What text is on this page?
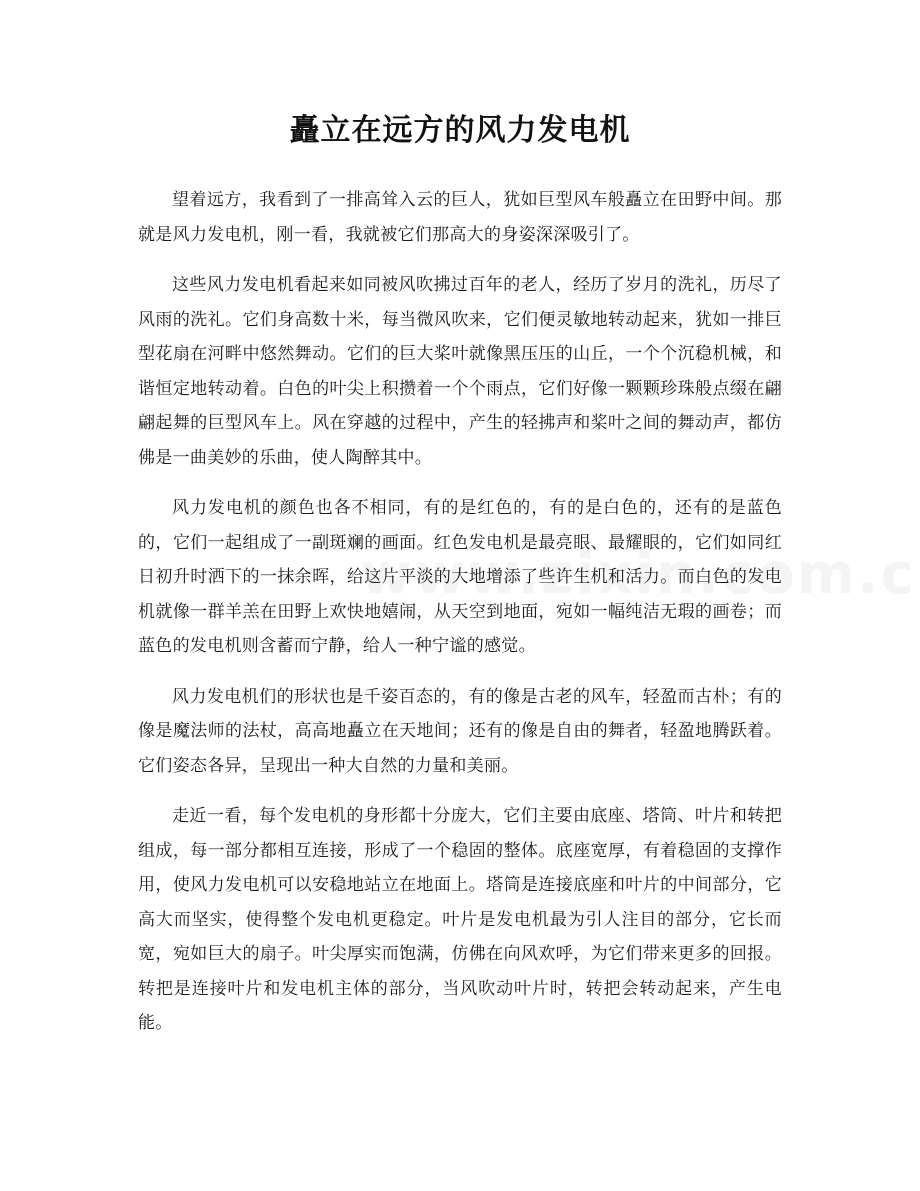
矗立在远方的风力发电机

望着远方，我看到了一排高耸入云的巨人，犹如巨型风车般矗立在田野中间。那就是风力发电机，刚一看，我就被它们那高大的身姿深深吸引了。

这些风力发电机看起来如同被风吹拂过百年的老人，经历了岁月的洗礼，历尽了风雨的洗礼。它们身高数十米，每当微风吹来，它们便灵敏地转动起来，犹如一排巨型花扇在河畔中悠然舞动。它们的巨大桨叶就像黑压压的山丘，一个个沉稳机械，和谐恒定地转动着。白色的叶尖上积攒着一个个雨点，它们好像一颗颗珍珠般点缀在翩翩起舞的巨型风车上。风在穿越的过程中，产生的轻拂声和桨叶之间的舞动声，都仿佛是一曲美妙的乐曲，使人陶醉其中。

风力发电机的颜色也各不相同，有的是红色的，有的是白色的，还有的是蓝色的，它们一起组成了一副斑斓的画面。红色发电机是最亮眼、最耀眼的，它们如同红日初升时洒下的一抹余晖，给这片平淡的大地增添了些许生机和活力。而白色的发电机就像一群羊羔在田野上欢快地嬉闹，从天空到地面，宛如一幅纯洁无瑕的画卷；而蓝色的发电机则含蓄而宁静，给人一种宁谧的感觉。

风力发电机们的形状也是千姿百态的，有的像是古老的风车，轻盈而古朴；有的像是魔法师的法杖，高高地矗立在天地间；还有的像是自由的舞者，轻盈地腾跃着。它们姿态各异，呈现出一种大自然的力量和美丽。

走近一看，每个发电机的身形都十分庞大，它们主要由底座、塔筒、叶片和转把组成，每一部分都相互连接，形成了一个稳固的整体。底座宽厚，有着稳固的支撑作用，使风力发电机可以安稳地站立在地面上。塔筒是连接底座和叶片的中间部分，它高大而坚实，使得整个发电机更稳定。叶片是发电机最为引人注目的部分，它长而宽，宛如巨大的扇子。叶尖厚实而饱满，仿佛在向风欢呼，为它们带来更多的回报。转把是连接叶片和发电机主体的部分，当风吹动叶片时，转把会转动起来，产生电能。
